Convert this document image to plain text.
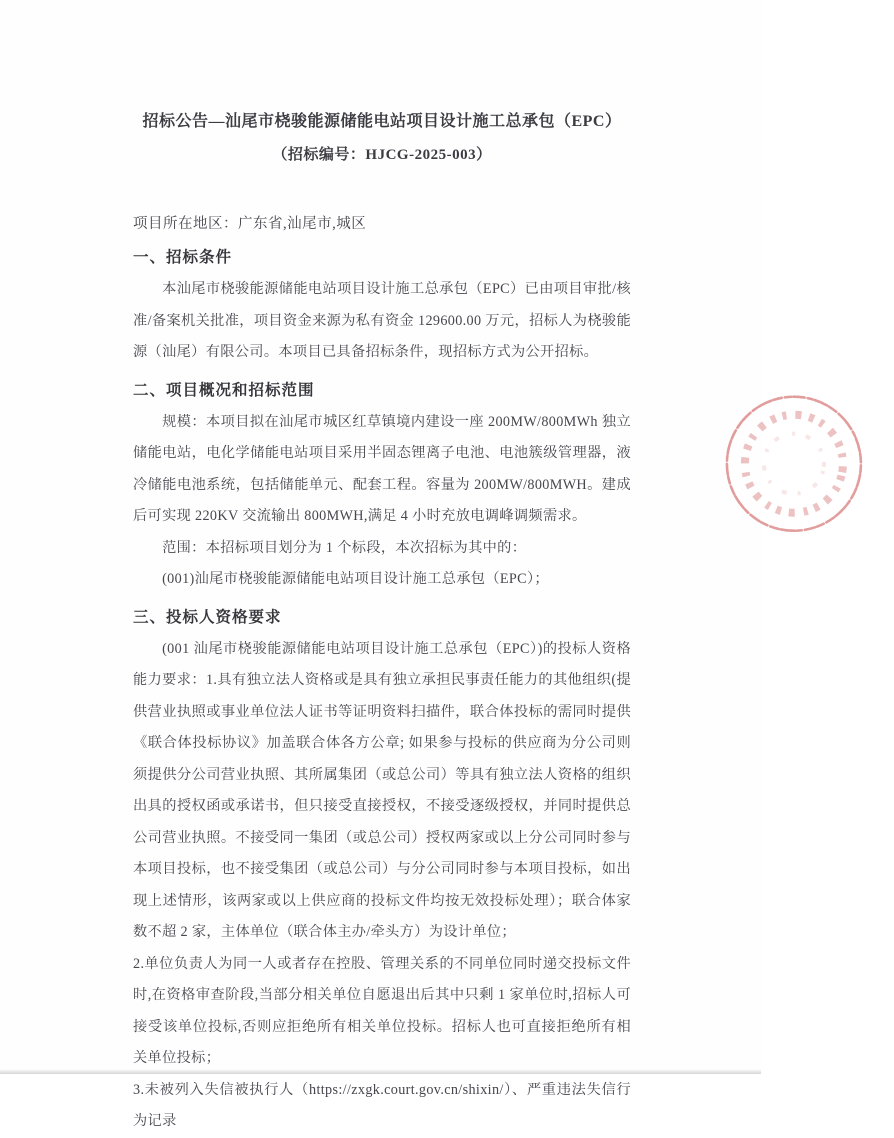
招标公告—汕尾市桡骏能源储能电站项目设计施工总承包（EPC）
（招标编号：HJCG-2025-003）

项目所在地区：广东省,汕尾市,城区

一、招标条件

本汕尾市桡骏能源储能电站项目设计施工总承包（EPC）已由项目审批/核准/备案机关批准，项目资金来源为私有资金 129600.00 万元，招标人为桡骏能源（汕尾）有限公司。本项目已具备招标条件，现招标方式为公开招标。

二、项目概况和招标范围

规模：本项目拟在汕尾市城区红草镇境内建设一座 200MW/800MWh 独立储能电站，电化学储能电站项目采用半固态锂离子电池、电池簇级管理器，液冷储能电池系统，包括储能单元、配套工程。容量为 200MW/800MWH。建成后可实现 220KV 交流输出 800MWH,满足 4 小时充放电调峰调频需求。

范围：本招标项目划分为 1 个标段，本次招标为其中的：

(001)汕尾市桡骏能源储能电站项目设计施工总承包（EPC）；

三、投标人资格要求

(001 汕尾市桡骏能源储能电站项目设计施工总承包（EPC）)的投标人资格能力要求：1.具有独立法人资格或是具有独立承担民事责任能力的其他组织(提供营业执照或事业单位法人证书等证明资料扫描件，联合体投标的需同时提供《联合体投标协议》加盖联合体各方公章; 如果参与投标的供应商为分公司则须提供分公司营业执照、其所属集团（或总公司）等具有独立法人资格的组织出具的授权函或承诺书，但只接受直接授权，不接受逐级授权，并同时提供总公司营业执照。不接受同一集团（或总公司）授权两家或以上分公司同时参与本项目投标，也不接受集团（或总公司）与分公司同时参与本项目投标，如出现上述情形，该两家或以上供应商的投标文件均按无效投标处理）；联合体家数不超 2 家，主体单位（联合体主办/牵头方）为设计单位；

2.单位负责人为同一人或者存在控股、管理关系的不同单位同时递交投标文件时,在资格审查阶段,当部分相关单位自愿退出后其中只剩 1 家单位时,招标人可接受该单位投标,否则应拒绝所有相关单位投标。招标人也可直接拒绝所有相关单位投标；

3.未被列入失信被执行人（https://zxgk.court.gov.cn/shixin/）、严重违法失信行为记录
